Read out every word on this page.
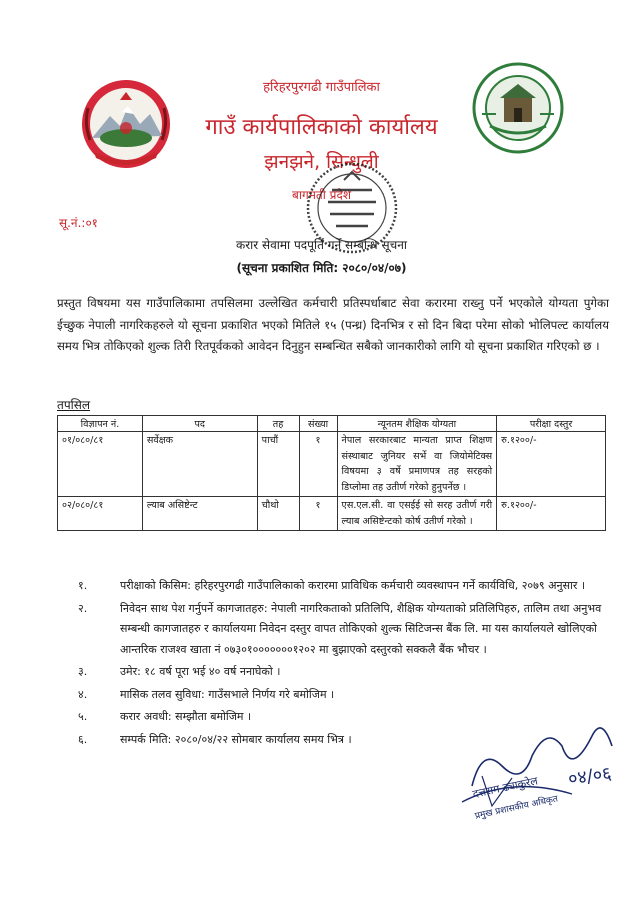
हरिहरपुरगढी गाउँपालिका
गाउँ कार्यपालिकाको कार्यालय
झनझने, सिन्धुली
बागमती प्रदेश
सू.नं.:०१
करार सेवामा पदपूर्ति गर्ने सम्बन्धि सूचना
(सूचना प्रकाशित मिति: २०८०/०४/०७)
प्रस्तुत विषयमा यस गाउँपालिकामा तपसिलमा उल्लेखित कर्मचारी प्रतिस्पर्धाबाट सेवा करारमा राख्नु पर्ने भएकोले योग्यता पुगेका ईच्छुक नेपाली नागरिकहरुले यो सूचना प्रकाशित भएको मितिले १५ (पन्ध्र) दिनभित्र र सो दिन बिदा परेमा सोको भोलिपल्ट कार्यालय समय भित्र तोकिएको शुल्क तिरी रितपूर्वकको आवेदन दिनुहुन सम्बन्धित सबैको जानकारीको लागि यो सूचना प्रकाशित गरिएको छ ।
तपसिल
विज्ञापन नं.	पद	तह	संख्या	न्यूनतम शैक्षिक योग्यता	परीक्षा दस्तुर
०१/०८०/८१	सर्वेक्षक	पाचौं	१	नेपाल सरकारबाट मान्यता प्राप्त शिक्षण संस्थाबाट जुनियर सर्भे वा जियोमेटिक्स विषयमा ३ वर्षे प्रमाणपत्र तह सरहको डिप्लोमा तह उतीर्ण गरेको हुनुपर्नेछ ।	रु.१२००/-
०२/०८०/८१	ल्याब असिष्टेन्ट	चौथो	१	एस.एल.सी. वा एसईई सो सरह उतीर्ण गरी ल्याब असिष्टेन्टको कोर्ष उतीर्ण गरेको ।	रु.१२००/-
१.	परीक्षाको किसिम: हरिहरपुरगढी गाउँपालिकाको करारमा प्राविधिक कर्मचारी व्यवस्थापन गर्ने कार्यविधि, २०७९ अनुसार ।
२.	निवेदन साथ पेश गर्नुपर्ने कागजातहरु: नेपाली नागरिकताको प्रतिलिपि, शैक्षिक योग्यताको प्रतिलिपिहरु, तालिम तथा अनुभव सम्बन्धी कागजातहरु र कार्यालयमा निवेदन दस्तुर वापत तोकिएको शुल्क सिटिजन्स बैंक लि. मा यस कार्यालयले खोलिएको आन्तरिक राजश्व खाता नं ०७३०१०००००००१२०२ मा बुझाएको दस्तुरको सक्कलै बैंक भौचर ।
३.	उमेर: १८ वर्ष पूरा भई ४० वर्ष ननाघेको ।
४.	मासिक तलव सुविधा: गाउँसभाले निर्णय गरे बमोजिम ।
५.	करार अवधी: सम्झौता बमोजिम ।
६.	सम्पर्क मिति: २०८०/०४/२२ सोमबार कार्यालय समय भित्र ।
दत्तराम ढ्याकुरेल
प्रमुख प्रशासकीय अधिकृत
०४/०६
